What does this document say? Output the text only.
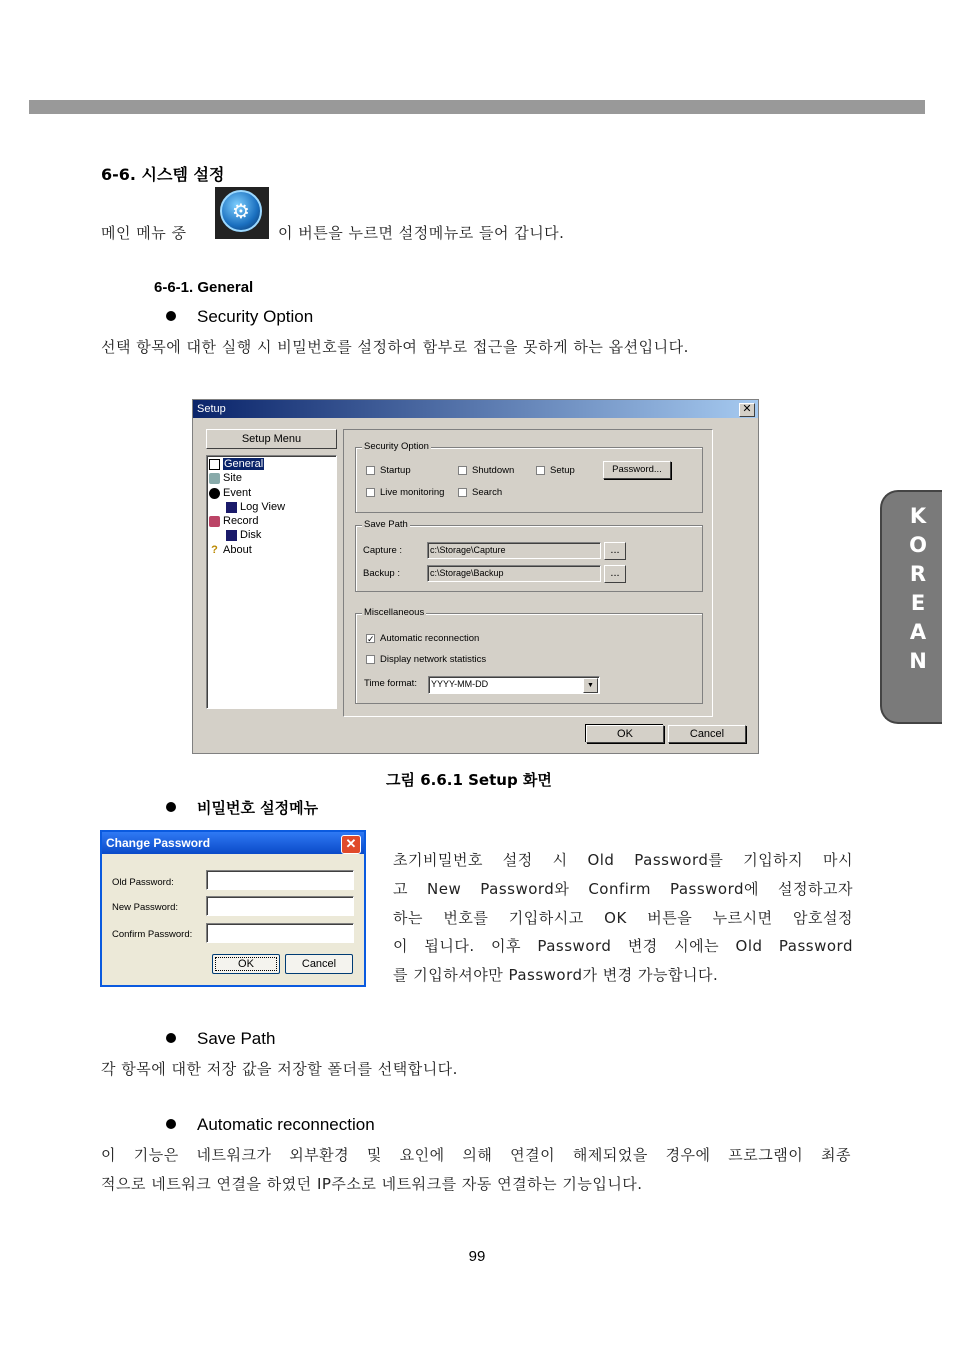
6-6. 시스템 설정
메인 메뉴 중
⚙
이 버튼을 누르면 설정메뉴로 들어 갑니다.
6-6-1. General
Security Option
선택 항목에 대한 실행 시 비밀번호를 설정하여 함부로 접근을 못하게 하는 옵션입니다.
Setup	✕
Setup Menu
General
Site
Event
Log View
Record
Disk
? About
Security Option
Startup	Shutdown	Setup	Password...
Live monitoring	Search
Save Path
Capture :	c:\Storage\Capture	...
Backup :	c:\Storage\Backup	...
Miscellaneous
✓ Automatic reconnection
Display network statistics
Time format:	YYYY-MM-DD	▼
OK	Cancel
그림 6.6.1 Setup 화면
비밀번호 설정메뉴
Change Password	✕
Old Password:
New Password:
Confirm Password:
OK	Cancel
초기비밀번호 설정 시 Old Password를 기입하지 마시
고 New Password와 Confirm Password에 설정하고자
하는 번호를 기입하시고 OK 버튼을 누르시면 암호설정
이 됩니다. 이후 Password 변경 시에는 Old Password
를 기입하셔야만 Password가 변경 가능합니다.
Save Path
각 항목에 대한 저장 값을 저장할 폴더를 선택합니다.
Automatic reconnection
이 기능은 네트워크가 외부환경 및 요인에 의해 연결이 해제되었을 경우에 프로그램이 최종
적으로 네트워크 연결을 하였던 IP주소로 네트워크를 자동 연결하는 기능입니다.
K
O
R
E
A
N
99
